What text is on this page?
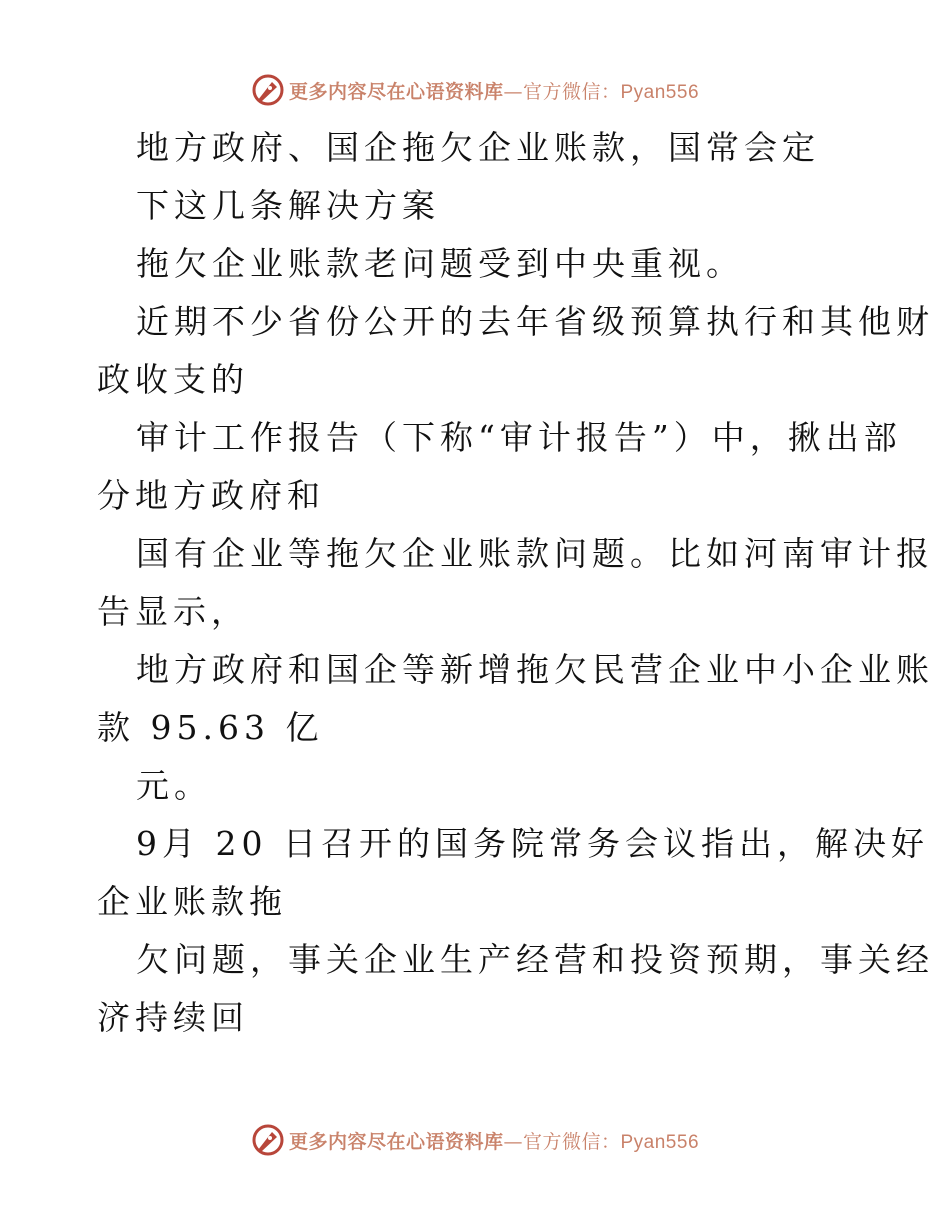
更多内容尽在心语资料库—官方微信：Pyan556
地方政府、国企拖欠企业账款，国常会定
下这几条解决方案
拖欠企业账款老问题受到中央重视。
近期不少省份公开的去年省级预算执行和其他财
政收支的
审计工作报告（下称“审计报告”）中，揪出部
分地方政府和
国有企业等拖欠企业账款问题。比如河南审计报
告显示，
地方政府和国企等新增拖欠民营企业中小企业账
款 95.63 亿
元。
9月 20 日召开的国务院常务会议指出，解决好
企业账款拖
欠问题，事关企业生产经营和投资预期，事关经
济持续回
更多内容尽在心语资料库—官方微信：Pyan556
